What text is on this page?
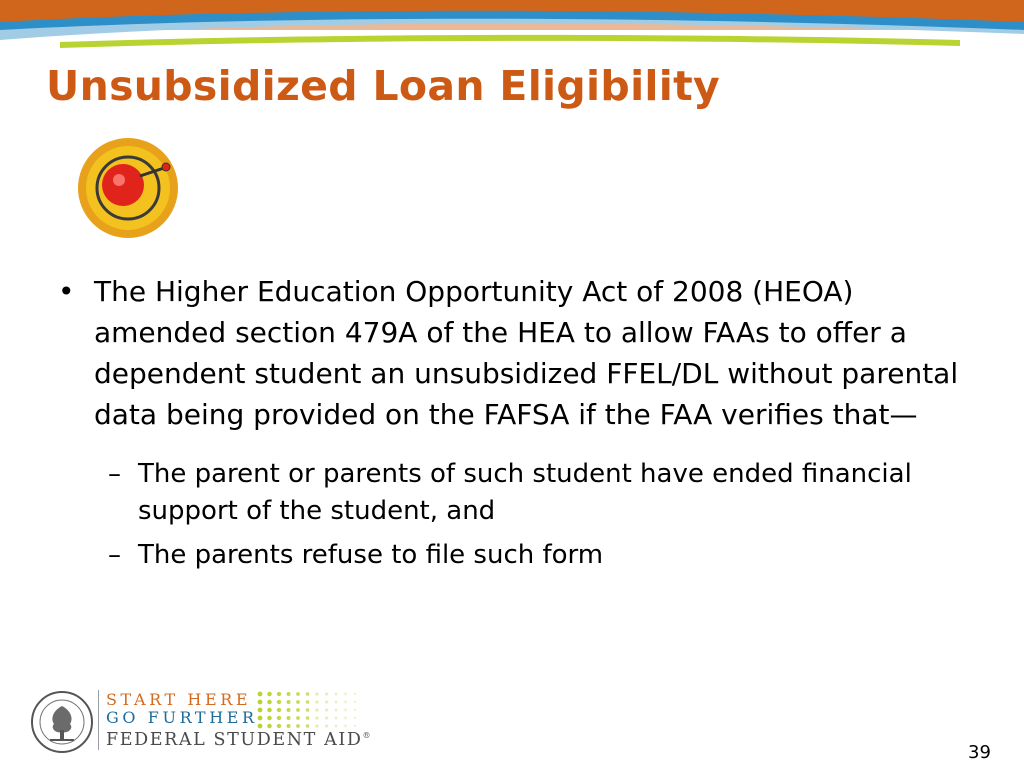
Unsubsidized Loan Eligibility
• The Higher Education Opportunity Act of 2008 (HEOA) amended section 479A of the HEA to allow FAAs to offer a dependent student an unsubsidized FFEL/DL without parental data being provided on the FAFSA if the FAA verifies that—
– The parent or parents of such student have ended financial support of the student, and
– The parents refuse to file such form
START HERE
GO FURTHER
FEDERAL STUDENT AID®
39
